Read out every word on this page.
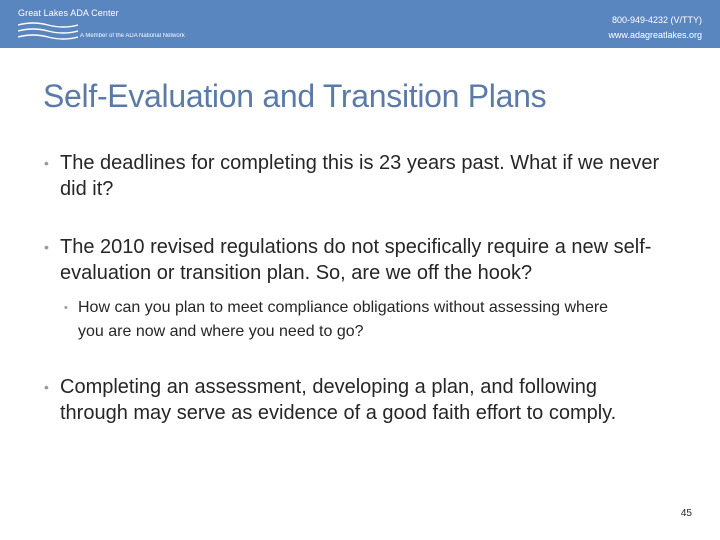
Great Lakes ADA Center
A Member of the ADA National Network
800-949-4232 (V/TTY)
www.adagreatlakes.org
Self-Evaluation and Transition Plans
• The deadlines for completing this is 23 years past. What if we never did it?
• The 2010 revised regulations do not specifically require a new self-evaluation or transition plan. So, are we off the hook?
• How can you plan to meet compliance obligations without assessing where you are now and where you need to go?
• Completing an assessment, developing a plan, and following through may serve as evidence of a good faith effort to comply.
45
